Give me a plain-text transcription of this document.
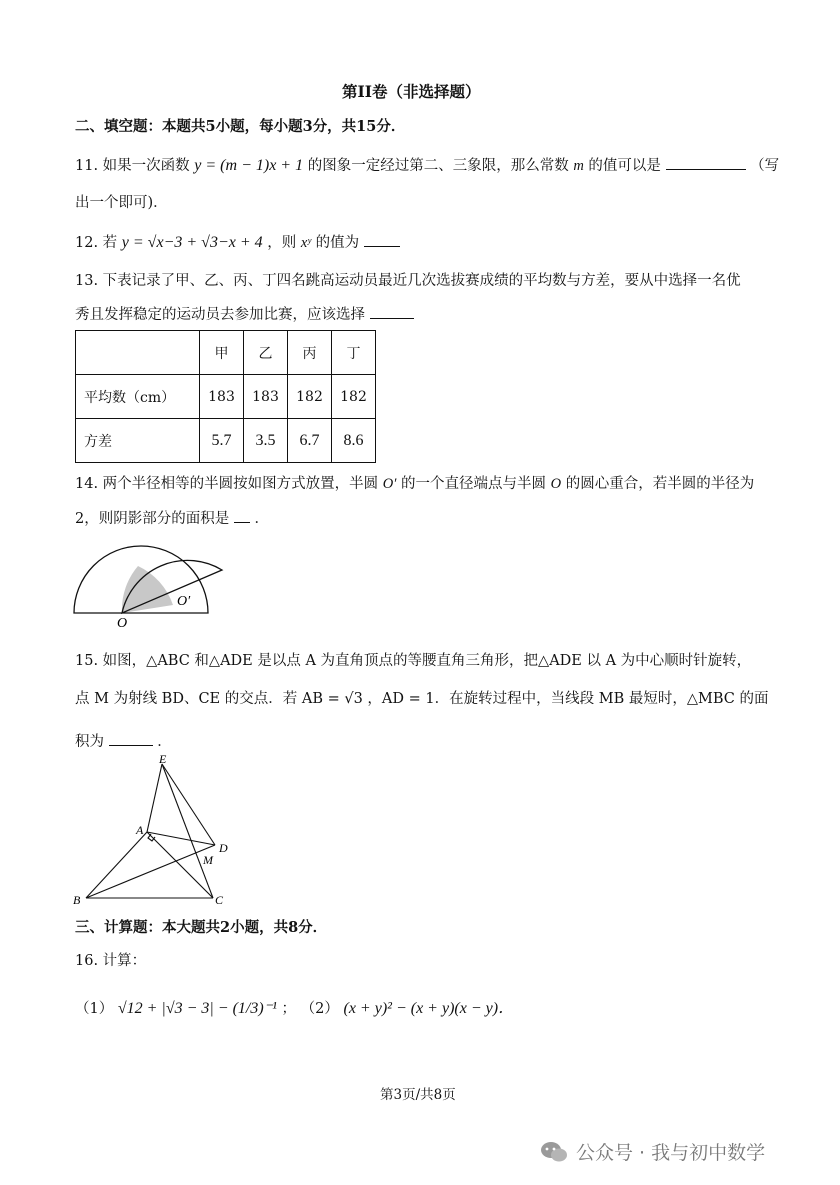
第II卷（非选择题）
二、填空题：本题共5小题，每小题3分，共15分．
11. 如果一次函数 y = (m − 1)x + 1 的图象一定经过第二、三象限，那么常数 m 的值可以是	（写
出一个即可)．
12. 若 y = √x−3 + √3−x + 4 ，则 xʸ 的值为
13. 下表记录了甲、乙、丙、丁四名跳高运动员最近几次选拔赛成绩的平均数与方差，要从中选择一名优
秀且发挥稳定的运动员去参加比赛，应该选择
	甲	乙	丙	丁
平均数（cm）	183	183	182	182
方差	5.7	3.5	6.7	8.6
14. 两个半径相等的半圆按如图方式放置，半圆 O′ 的一个直径端点与半圆 O 的圆心重合，若半圆的半径为
2，则阴影部分的面积是 ．
O
O′
15. 如图，△ABC 和△ADE 是以点 A 为直角顶点的等腰直角三角形，把△ADE 以 A 为中心顺时针旋转，
点 M 为射线 BD、CE 的交点．若 AB = √3 ，AD = 1．在旋转过程中，当线段 MB 最短时，△MBC 的面
积为	．
E
A
D
M
B	C
三、计算题：本大题共2小题，共8分．
16. 计算：
（1） √12 + |√3 − 3| − (1/3)⁻¹ ； （2） (x + y)² − (x + y)(x − y)．
第3页/共8页
公众号 · 我与初中数学
